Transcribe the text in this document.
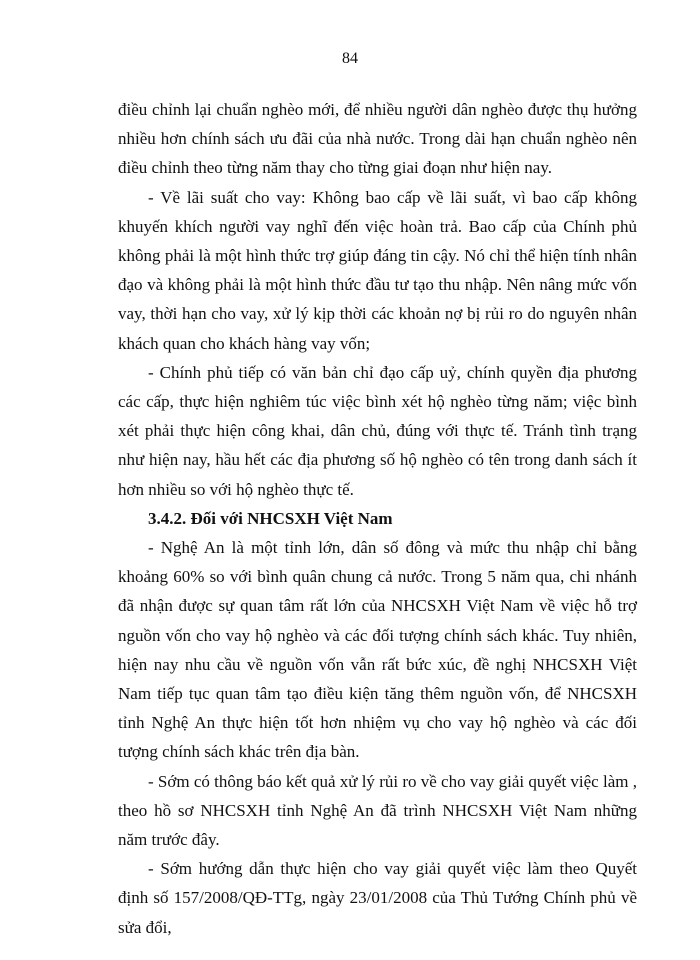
84

điều chỉnh lại chuẩn nghèo mới, để nhiều người dân nghèo được thụ hưởng nhiều hơn chính sách ưu đãi của nhà nước. Trong dài hạn chuẩn nghèo nên điều chỉnh theo từng năm thay cho từng giai đoạn như hiện nay.

- Về lãi suất cho vay: Không bao cấp về lãi suất, vì bao cấp không khuyến khích người vay nghĩ đến việc hoàn trả. Bao cấp của Chính phủ không phải là một hình thức trợ giúp đáng tin cậy. Nó chỉ thể hiện tính nhân đạo và không phải là một hình thức đầu tư tạo thu nhập. Nên nâng mức vốn vay, thời hạn cho vay, xử lý kịp thời các khoản nợ bị rủi ro do nguyên nhân khách quan cho khách hàng vay vốn;

- Chính phủ tiếp có văn bản chỉ đạo cấp uỷ, chính quyền địa phương các cấp, thực hiện nghiêm túc việc bình xét hộ nghèo từng năm; việc bình xét phải thực hiện công khai, dân chủ, đúng với thực tế. Tránh tình trạng như hiện nay, hầu hết các địa phương số hộ nghèo có tên trong danh sách ít hơn nhiều so với hộ nghèo thực tế.

3.4.2. Đối với NHCSXH Việt Nam

- Nghệ An là một tỉnh lớn, dân số đông và mức thu nhập chỉ bằng khoảng 60% so với bình quân chung cả nước. Trong 5 năm qua, chi nhánh đã nhận được sự quan tâm rất lớn của NHCSXH Việt Nam về việc hỗ trợ nguồn vốn cho vay hộ nghèo và các đối tượng chính sách khác. Tuy nhiên, hiện nay nhu cầu về nguồn vốn vẫn rất bức xúc, đề nghị NHCSXH Việt Nam tiếp tục quan tâm tạo điều kiện tăng thêm nguồn vốn, để NHCSXH tỉnh Nghệ An thực hiện tốt hơn nhiệm vụ cho vay hộ nghèo và các đối tượng chính sách khác trên địa bàn.

- Sớm có thông báo kết quả xử lý rủi ro về cho vay giải quyết việc làm , theo hồ sơ NHCSXH tỉnh Nghệ An đã trình NHCSXH Việt Nam những năm trước đây.

- Sớm hướng dẫn thực hiện cho vay giải quyết việc làm theo Quyết định số 157/2008/QĐ-TTg, ngày 23/01/2008 của Thủ Tướng Chính phủ về sửa đổi,
